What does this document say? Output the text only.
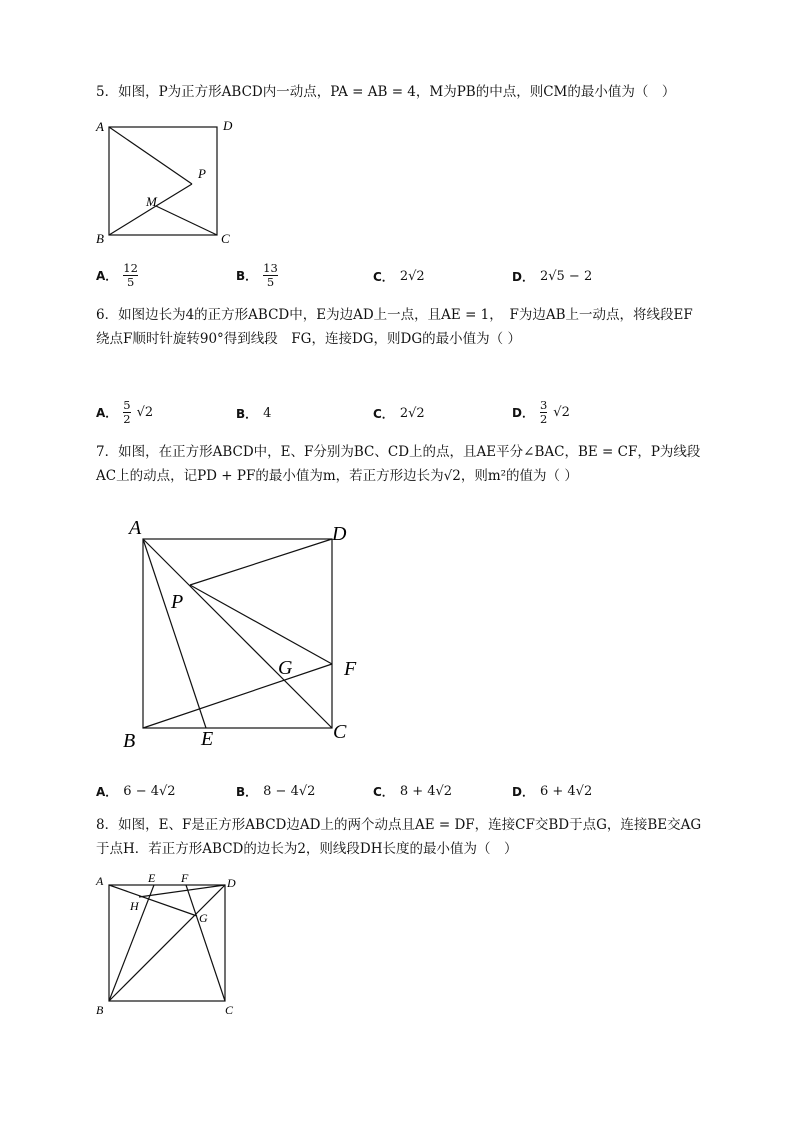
5．如图，P为正方形ABCD内一动点，PA = AB = 4，M为PB的中点，则CM的最小值为（　）
A	D
B	C
P
M
A． $\frac{12}{5}$	B． $\frac{13}{5}$	C． 2√2	D． 2√5 − 2
6．如图边长为4的正方形ABCD中，E为边AD上一点，且AE = 1，　F为边AB上一动点，将线段EF绕点F顺时针旋转90°得到线段　FG，连接DG，则DG的最小值为（ ）
A． $\frac{5}{2} √2$	B． 4	C． 2√2	D． $\frac{3}{2} √2$
7．如图，在正方形ABCD中，E、F分别为BC、CD上的点，且AE平分∠BAC，BE = CF，P为线段AC上的动点，记PD + PF的最小值为m，若正方形边长为√2，则m²的值为（ ）
A	D
B	E	C
F
G
P
A． 6 − 4√2	B． 8 − 4√2	C． 8 + 4√2	D． 6 + 4√2
8．如图，E、F是正方形ABCD边AD上的两个动点且AE = DF，连接CF交BD于点G，连接BE交AG于点H．若正方形ABCD的边长为2，则线段DH长度的最小值为（　）
A	E F	D
H
G
B	C
